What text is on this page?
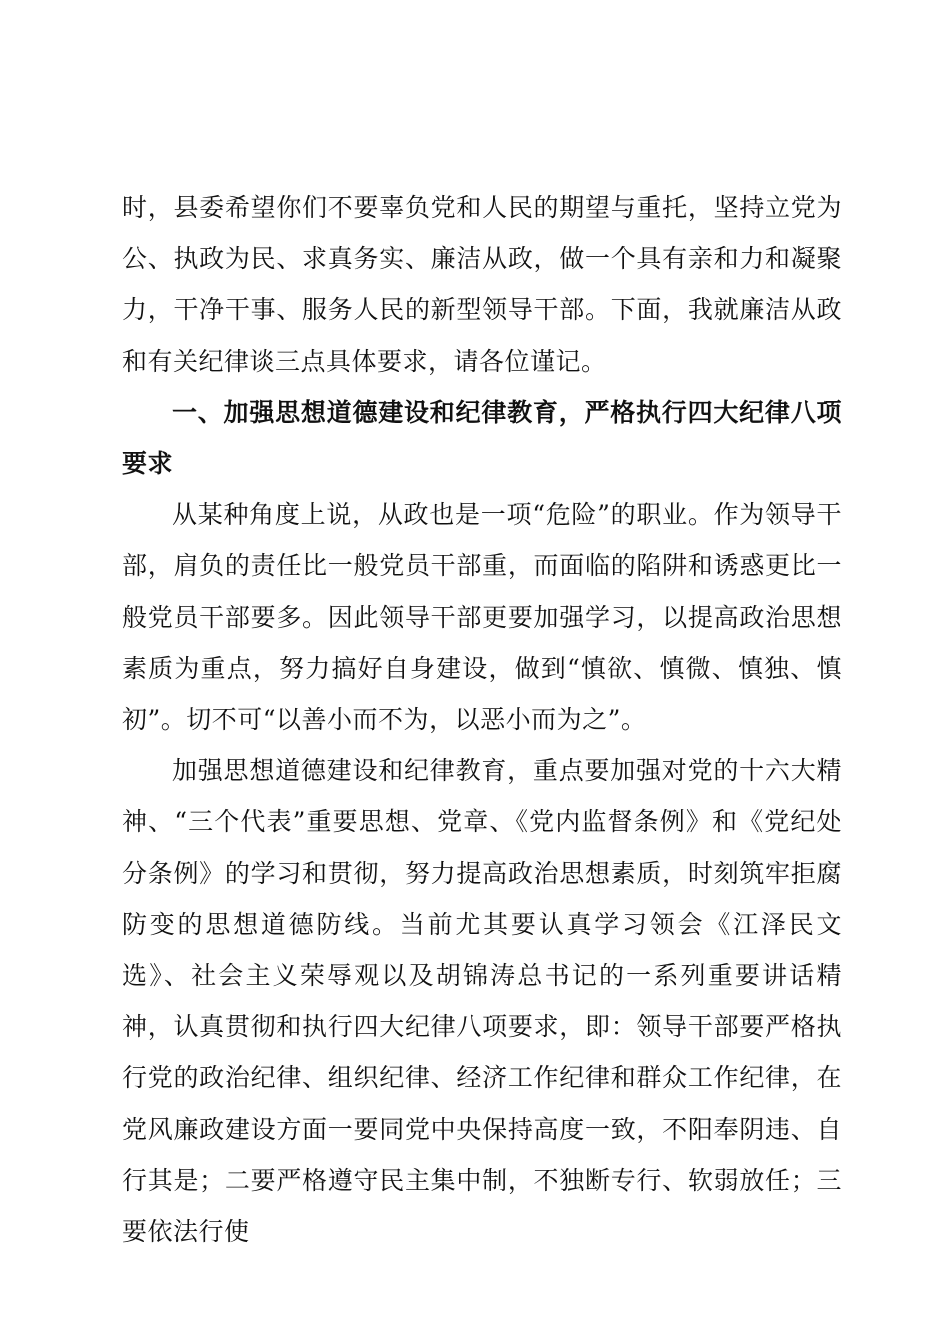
时，县委希望你们不要辜负党和人民的期望与重托，坚持立党为公、执政为民、求真务实、廉洁从政，做一个具有亲和力和凝聚力，干净干事、服务人民的新型领导干部。下面，我就廉洁从政和有关纪律谈三点具体要求，请各位谨记。

一、加强思想道德建设和纪律教育，严格执行四大纪律八项要求

从某种角度上说，从政也是一项“危险”的职业。作为领导干部，肩负的责任比一般党员干部重，而面临的陷阱和诱惑更比一般党员干部要多。因此领导干部更要加强学习，以提高政治思想素质为重点，努力搞好自身建设，做到“慎欲、慎微、慎独、慎初”。切不可“以善小而不为，以恶小而为之”。

加强思想道德建设和纪律教育，重点要加强对党的十六大精神、“三个代表”重要思想、党章、《党内监督条例》和《党纪处分条例》的学习和贯彻，努力提高政治思想素质，时刻筑牢拒腐防变的思想道德防线。当前尤其要认真学习领会《江泽民文选》、社会主义荣辱观以及胡锦涛总书记的一系列重要讲话精神，认真贯彻和执行四大纪律八项要求，即：领导干部要严格执行党的政治纪律、组织纪律、经济工作纪律和群众工作纪律，在党风廉政建设方面一要同党中央保持高度一致，不阳奉阴违、自行其是；二要严格遵守民主集中制，不独断专行、软弱放任；三要依法行使
